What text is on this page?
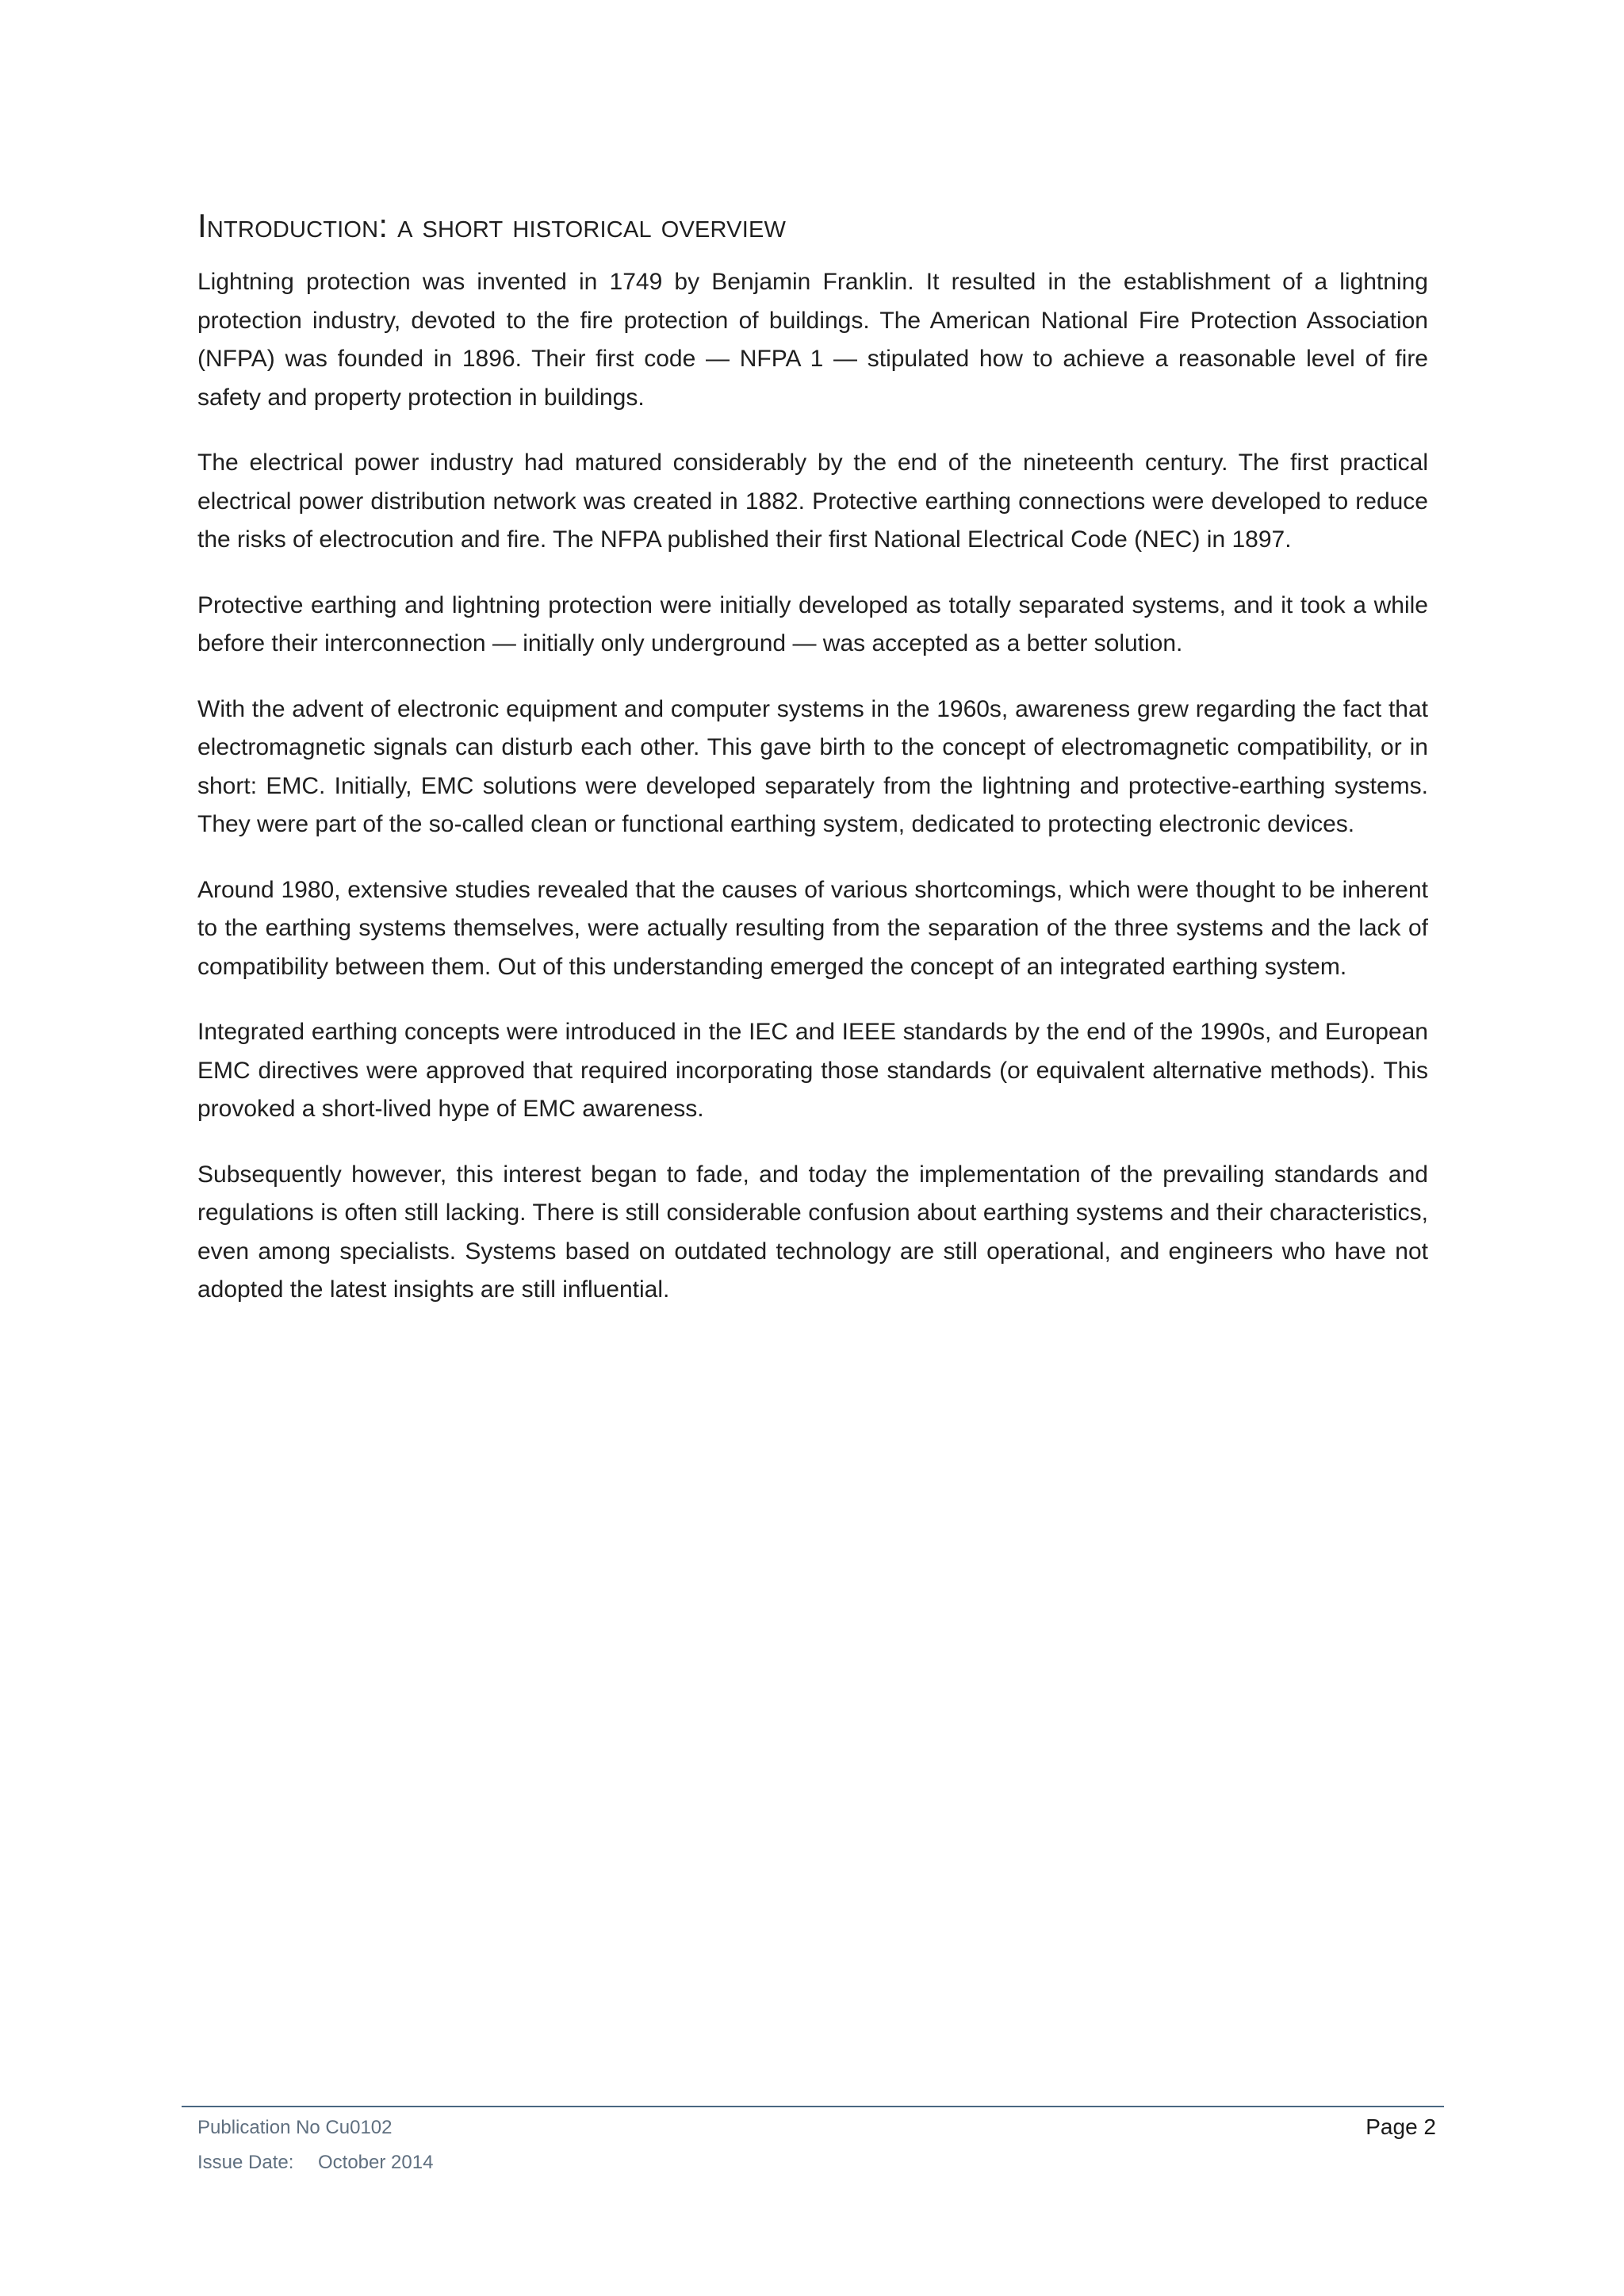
Introduction: a short historical overview

Lightning protection was invented in 1749 by Benjamin Franklin. It resulted in the establishment of a lightning protection industry, devoted to the fire protection of buildings. The American National Fire Protection Association (NFPA) was founded in 1896. Their first code — NFPA 1 — stipulated how to achieve a reasonable level of fire safety and property protection in buildings.

The electrical power industry had matured considerably by the end of the nineteenth century. The first practical electrical power distribution network was created in 1882. Protective earthing connections were developed to reduce the risks of electrocution and fire. The NFPA published their first National Electrical Code (NEC) in 1897.

Protective earthing and lightning protection were initially developed as totally separated systems, and it took a while before their interconnection — initially only underground — was accepted as a better solution.

With the advent of electronic equipment and computer systems in the 1960s, awareness grew regarding the fact that electromagnetic signals can disturb each other. This gave birth to the concept of electromagnetic compatibility, or in short: EMC. Initially, EMC solutions were developed separately from the lightning and protective-earthing systems. They were part of the so-called clean or functional earthing system, dedicated to protecting electronic devices.

Around 1980, extensive studies revealed that the causes of various shortcomings, which were thought to be inherent to the earthing systems themselves, were actually resulting from the separation of the three systems and the lack of compatibility between them. Out of this understanding emerged the concept of an integrated earthing system.

Integrated earthing concepts were introduced in the IEC and IEEE standards by the end of the 1990s, and European EMC directives were approved that required incorporating those standards (or equivalent alternative methods). This provoked a short-lived hype of EMC awareness.

Subsequently however, this interest began to fade, and today the implementation of the prevailing standards and regulations is often still lacking. There is still considerable confusion about earthing systems and their characteristics, even among specialists. Systems based on outdated technology are still operational, and engineers who have not adopted the latest insights are still influential.

Publication No Cu0102
Issue Date: October 2014
Page 2
